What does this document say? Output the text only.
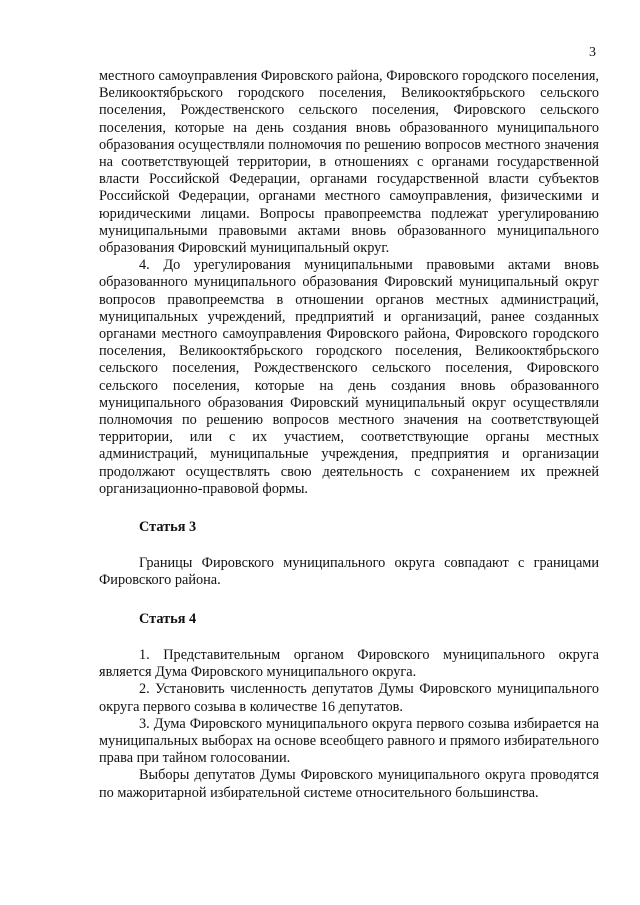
3

местного самоуправления Фировского района, Фировского городского поселения, Великооктябрьского городского поселения, Великооктябрьского сельского поселения, Рождественского сельского поселения, Фировского сельского поселения, которые на день создания вновь образованного муниципального образования осуществляли полномочия по решению вопросов местного значения на соответствующей территории, в отношениях с органами государственной власти Российской Федерации, органами государственной власти субъектов Российской Федерации, органами местного самоуправления, физическими и юридическими лицами. Вопросы правопреемства подлежат урегулированию муниципальными правовыми актами вновь образованного муниципального образования Фировский муниципальный округ.

4. До урегулирования муниципальными правовыми актами вновь образованного муниципального образования Фировский муниципальный округ вопросов правопреемства в отношении органов местных администраций, муниципальных учреждений, предприятий и организаций, ранее созданных органами местного самоуправления Фировского района, Фировского городского поселения, Великооктябрьского городского поселения, Великооктябрьского сельского поселения, Рождественского сельского поселения, Фировского сельского поселения, которые на день создания вновь образованного муниципального образования Фировский муниципальный округ осуществляли полномочия по решению вопросов местного значения на соответствующей территории, или с их участием, соответствующие органы местных администраций, муниципальные учреждения, предприятия и организации продолжают осуществлять свою деятельность с сохранением их прежней организационно-правовой формы.

Статья 3

Границы Фировского муниципального округа совпадают с границами Фировского района.

Статья 4

1. Представительным органом Фировского муниципального округа является Дума Фировского муниципального округа.

2. Установить численность депутатов Думы Фировского муниципального округа первого созыва в количестве 16 депутатов.

3. Дума Фировского муниципального округа первого созыва избирается на муниципальных выборах на основе всеобщего равного и прямого избирательного права при тайном голосовании.

Выборы депутатов Думы Фировского муниципального округа проводятся по мажоритарной избирательной системе относительного большинства.
